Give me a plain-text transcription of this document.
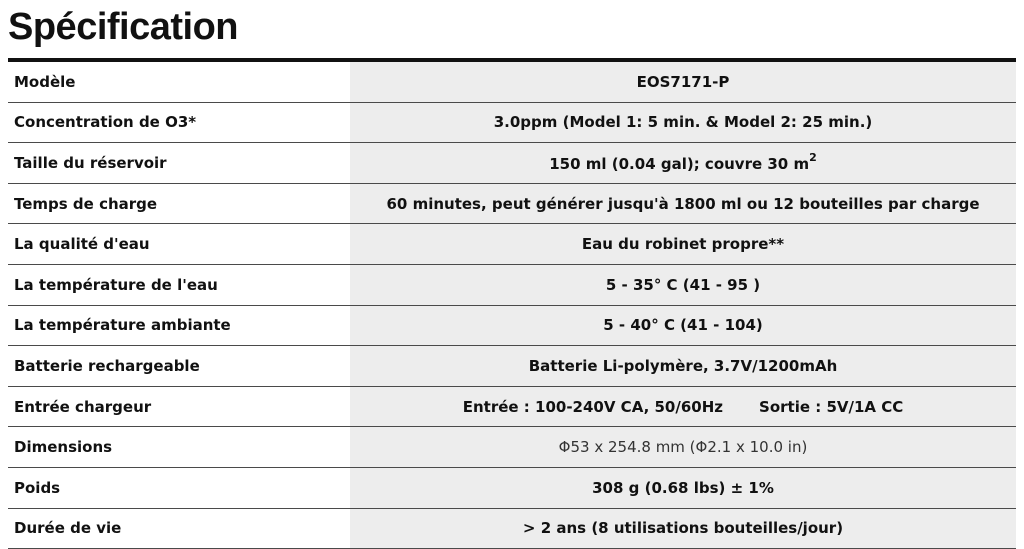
Spécification
Modèle	EOS7171-P
Concentration de O3*	3.0ppm (Model 1: 5 min. & Model 2: 25 min.)
Taille du réservoir	150 ml (0.04 gal); couvre 30 $m^2$
Temps de charge	60 minutes, peut générer jusqu'à 1800 ml ou 12 bouteilles par charge
La qualité d'eau	Eau du robinet propre**
La température de l'eau	5 - 35° C (41 - 95 )
La température ambiante	5 - 40° C (41 - 104)
Batterie rechargeable	Batterie Li-polymère, 3.7V/1200mAh
Entrée chargeur	Entrée : 100-240V CA, 50/60Hz Sortie : 5V/1A CC
Dimensions	Φ53 x 254.8 mm (Φ2.1 x 10.0 in)
Poids	308 g (0.68 lbs) ± 1%
Durée de vie	> 2 ans (8 utilisations bouteilles/jour)
